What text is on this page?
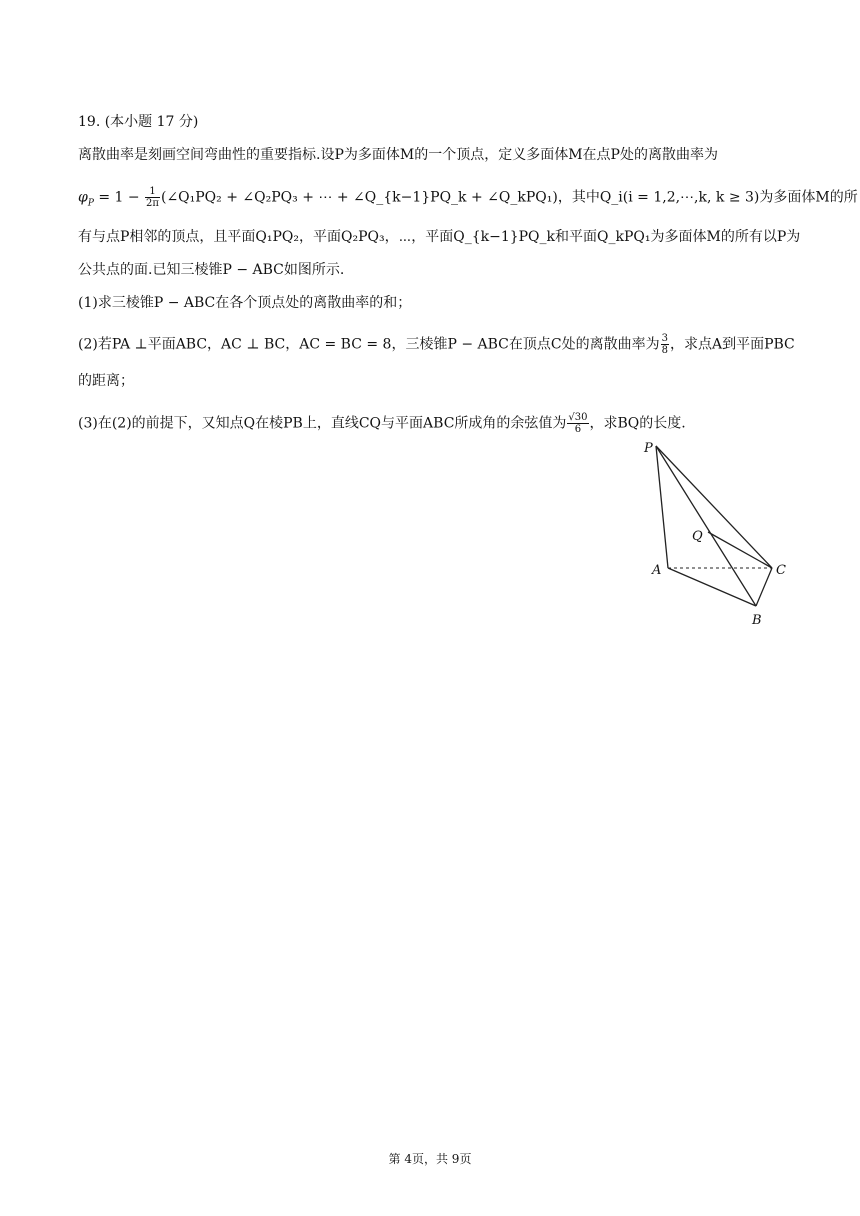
19. (本小题 17 分)
离散曲率是刻画空间弯曲性的重要指标.设P为多面体M的一个顶点，定义多面体M在点P处的离散曲率为
$\varphi_P = 1 - \frac{1}{2\pi}$ (∠Q₁PQ₂ + ∠Q₂PQ₃ + ⋯ + ∠Q_{k−1}PQ_k + ∠Q_kPQ₁)，其中Q_i(i = 1,2,⋯,k, k ≥ 3)为多面体M的所
有与点P相邻的顶点，且平面Q₁PQ₂，平面Q₂PQ₃，⋯，平面Q_{k−1}PQ_k和平面Q_kPQ₁为多面体M的所有以P为
公共点的面.已知三棱锥P − ABC如图所示.
(1)求三棱锥P − ABC在各个顶点处的离散曲率的和；
(2)若PA ⊥平面ABC，AC ⊥ BC，AC = BC = 8，三棱锥P − ABC在顶点C处的离散曲率为 $\frac{3}{8}$ ，求点A到平面PBC
的距离；
(3)在(2)的前提下，又知点Q在棱PB上，直线CQ与平面ABC所成角的余弦值为 $\frac{√30}{6}$ ，求BQ的长度.
P
Q
A
B
C
第 4页，共 9页
